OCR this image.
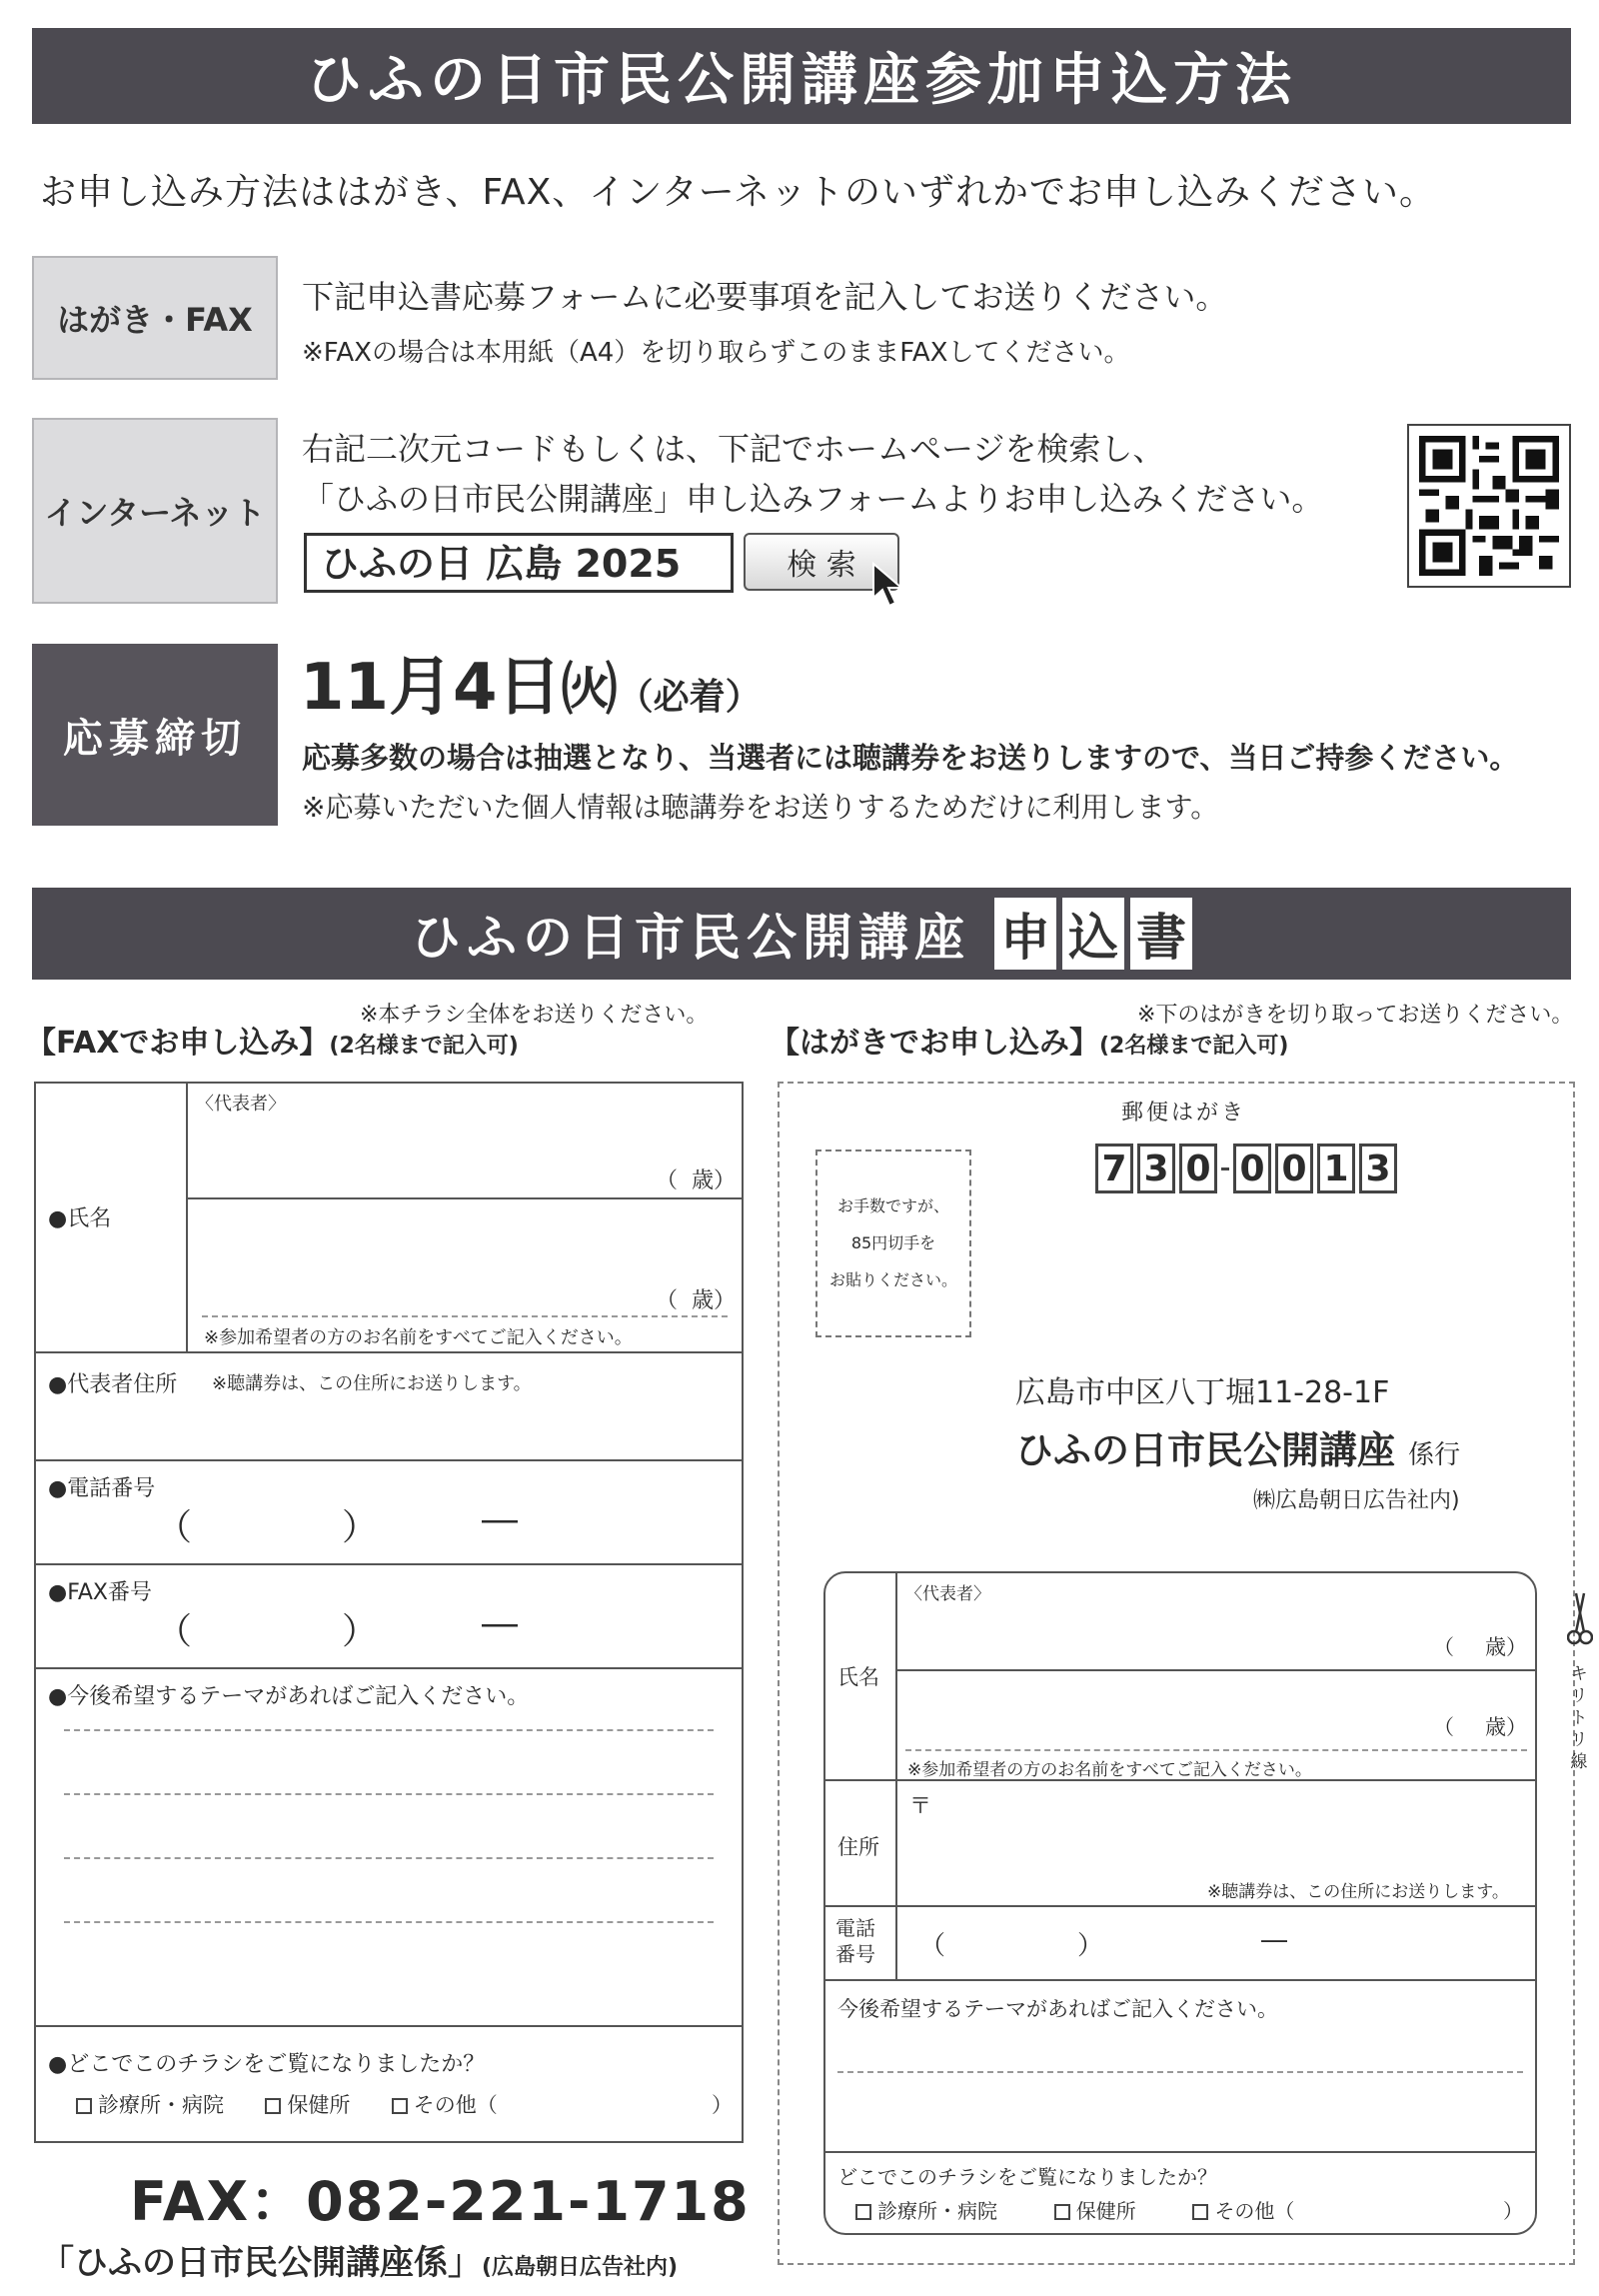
ひふの日市民公開講座参加申込方法
お申し込み方法ははがき、FAX、インターネットのいずれかでお申し込みください。
はがき・FAX
下記申込書応募フォームに必要事項を記入してお送りください。
※FAXの場合は本用紙（A4）を切り取らずこのままFAXしてください。
インターネット
右記二次元コードもしくは、下記でホームページを検索し、
「ひふの日市民公開講座」申し込みフォームよりお申し込みください。
ひふの日 広島 2025	検 索
応募締切
11月4日㈫（必着）
応募多数の場合は抽選となり、当選者には聴講券をお送りしますので、当日ご持参ください。
※応募いただいた個人情報は聴講券をお送りするためだけに利用します。
ひふの日市民公開講座 申 込 書
※本チラシ全体をお送りください。
【FAXでお申し込み】(2名様まで記入可)
●氏名
〈代表者〉
（ 歳）
（ 歳）
※参加希望者の方のお名前をすべてご記入ください。
●代表者住所 ※聴講券は、この住所にお送りします。
●電話番号
（	）	―
●FAX番号
（	）	―
●今後希望するテーマがあればご記入ください。
●どこでこのチラシをご覧になりましたか？
診療所・病院	保健所	その他（	）
FAX：082-221-1718
「ひふの日市民公開講座係」(広島朝日広告社内)
※下のはがきを切り取ってお送りください。
【はがきでお申し込み】(2名様まで記入可)
郵便はがき
お手数ですが、
85円切手を
お貼りください。
7 3 0 0 0 1 3
広島市中区八丁堀11-28-1F
ひふの日市民公開講座 係行
㈱広島朝日広告社内)
氏名
〈代表者〉
（ 歳）
（ 歳）
※参加希望者の方のお名前をすべてご記入ください。
住所
〒
※聴講券は、この住所にお送りします。
電話番号	（	）	―
今後希望するテーマがあればご記入ください。
どこでこのチラシをご覧になりましたか？
診療所・病院	保健所	その他（	）
キリトリ線
